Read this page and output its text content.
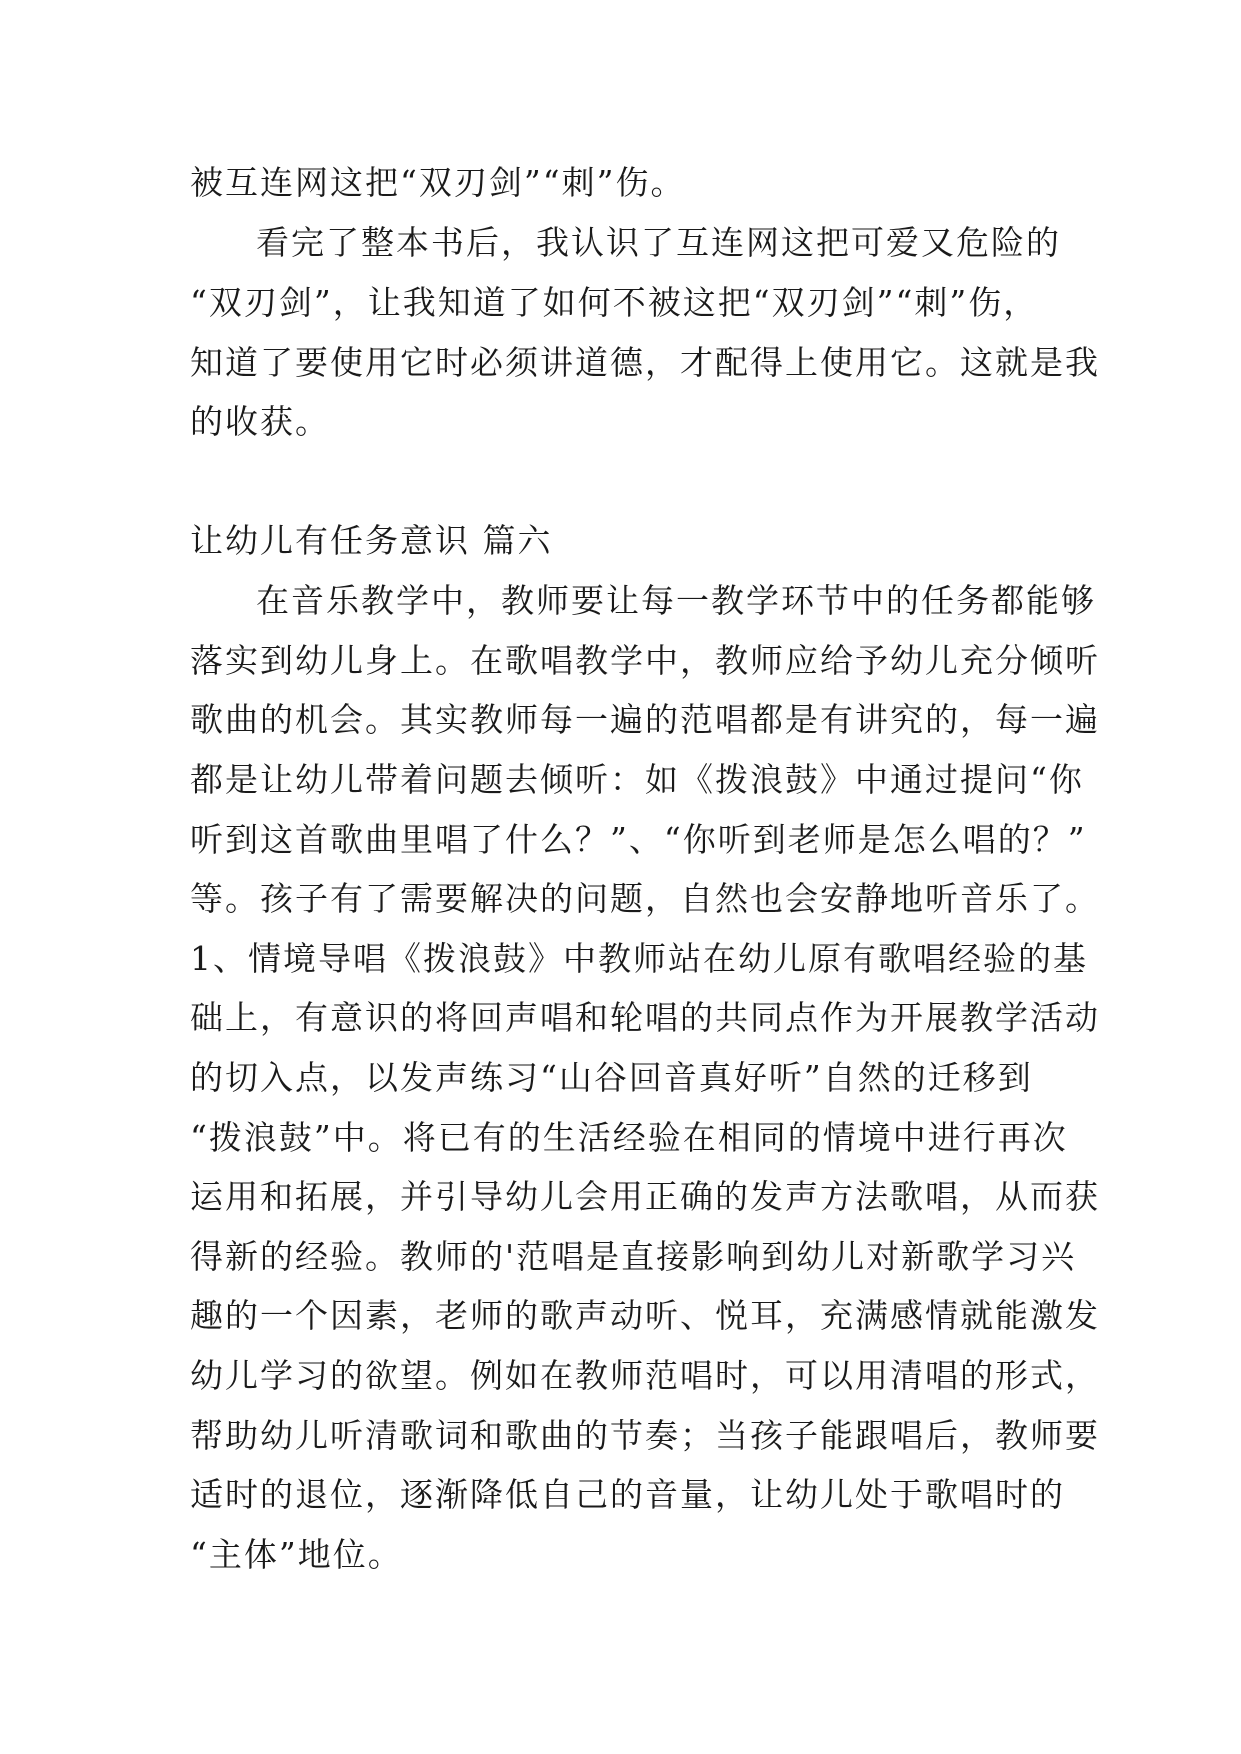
被互连网这把“双刃剑”“刺”伤。
看完了整本书后，我认识了互连网这把可爱又危险的
“双刃剑”，让我知道了如何不被这把“双刃剑”“刺”伤，
知道了要使用它时必须讲道德，才配得上使用它。这就是我
的收获。
让幼儿有任务意识 篇六
在音乐教学中，教师要让每一教学环节中的任务都能够
落实到幼儿身上。在歌唱教学中，教师应给予幼儿充分倾听
歌曲的机会。其实教师每一遍的范唱都是有讲究的，每一遍
都是让幼儿带着问题去倾听：如《拨浪鼓》中通过提问“你
听到这首歌曲里唱了什么？”、“你听到老师是怎么唱的？”
等。孩子有了需要解决的问题，自然也会安静地听音乐了。
1、情境导唱《拨浪鼓》中教师站在幼儿原有歌唱经验的基
础上，有意识的将回声唱和轮唱的共同点作为开展教学活动
的切入点，以发声练习“山谷回音真好听”自然的迁移到
“拨浪鼓”中。将已有的生活经验在相同的情境中进行再次
运用和拓展，并引导幼儿会用正确的发声方法歌唱，从而获
得新的经验。教师的'范唱是直接影响到幼儿对新歌学习兴
趣的一个因素，老师的歌声动听、悦耳，充满感情就能激发
幼儿学习的欲望。例如在教师范唱时，可以用清唱的形式，
帮助幼儿听清歌词和歌曲的节奏；当孩子能跟唱后，教师要
适时的退位，逐渐降低自己的音量，让幼儿处于歌唱时的
“主体”地位。
